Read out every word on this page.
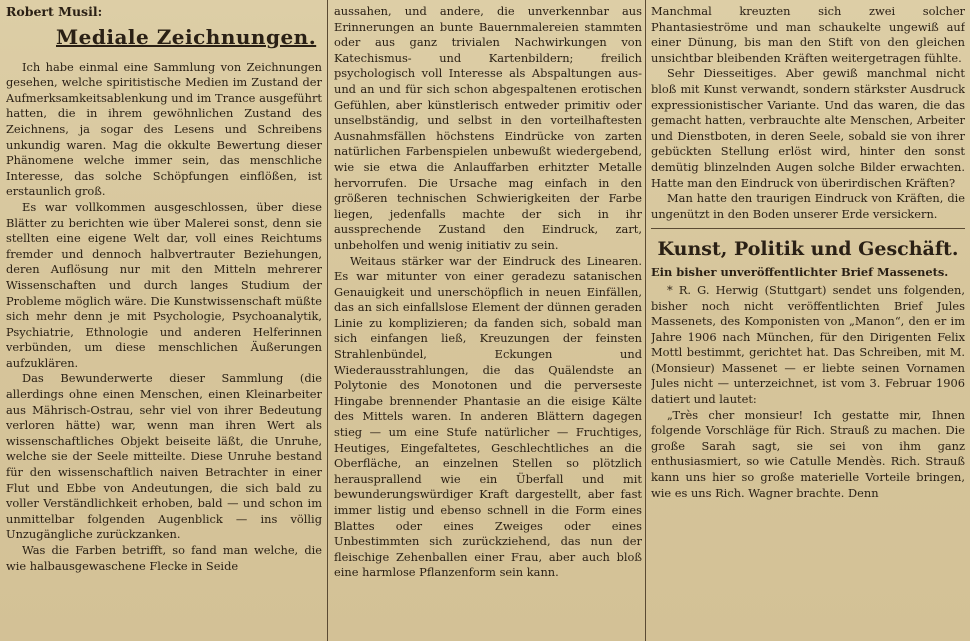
Robert Musil:

Mediale Zeichnungen.

Ich habe einmal eine Sammlung von Zeichnungen gesehen, welche spiritistische Medien im Zustand der Aufmerksamkeitsablenkung und im Trance ausgeführt hatten, die in ihrem gewöhnlichen Zustand des Zeichnens, ja sogar des Lesens und Schreibens unkundig waren. Mag die okkulte Bewertung dieser Phänomene welche immer sein, das menschliche Interesse, das solche Schöpfungen einflößen, ist erstaunlich groß.

Es war vollkommen ausgeschlossen, über diese Blätter zu berichten wie über Malerei sonst, denn sie stellten eine eigene Welt dar, voll eines Reichtums fremder und dennoch halbvertrauter Beziehungen, deren Auflösung nur mit den Mitteln mehrerer Wissenschaften und durch langes Studium der Probleme möglich wäre. Die Kunstwissenschaft müßte sich mehr denn je mit Psychologie, Psychoanalytik, Psychiatrie, Ethnologie und anderen Helferinnen verbünden, um diese menschlichen Äußerungen aufzuklären.

Das Bewunderwerte dieser Sammlung (die allerdings ohne einen Menschen, einen Kleinarbeiter aus Mährisch-Ostrau, sehr viel von ihrer Bedeutung verloren hätte) war, wenn man ihren Wert als wissenschaftliches Objekt beiseite läßt, die Unruhe, welche sie der Seele mitteilte. Diese Unruhe bestand für den wissenschaftlich naiven Betrachter in einer Flut und Ebbe von Andeutungen, die sich bald zu voller Verständlichkeit erhoben, bald — und schon im unmittelbar folgenden Augenblick — ins völlig Unzugängliche zurückzanken.

Was die Farben betrifft, so fand man welche, die wie halbausgewaschene Flecke in Seide

aussahen, und andere, die unverkennbar aus Erinnerungen an bunte Bauernmalereien stammten oder aus ganz trivialen Nachwirkungen von Katechismus- und Kartenbildern; freilich psychologisch voll Interesse als Abspaltungen aus- und an und für sich schon abgespaltenen erotischen Gefühlen, aber künstlerisch entweder primitiv oder unselbständig, und selbst in den vorteilhaftesten Ausnahmsfällen höchstens Eindrücke von zarten natürlichen Farbenspielen unbewußt wiedergebend, wie sie etwa die Anlauffarben erhitzter Metalle hervorrufen. Die Ursache mag einfach in den größeren technischen Schwierigkeiten der Farbe liegen, jedenfalls machte der sich in ihr aussprechende Zustand den Eindruck, zart, unbeholfen und wenig initiativ zu sein.

Weitaus stärker war der Eindruck des Linearen. Es war mitunter von einer geradezu satanischen Genauigkeit und unerschöpflich in neuen Einfällen, das an sich einfallslose Element der dünnen geraden Linie zu komplizieren; da fanden sich, sobald man sich einfangen ließ, Kreuzungen der feinsten Strahlenbündel, Eckungen und Wiederausstrahlungen, die das Quälendste an Polytonie des Monotonen und die perverseste Hingabe brennender Phantasie an die eisige Kälte des Mittels waren. In anderen Blättern dagegen stieg — um eine Stufe natürlicher — Fruchtiges, Heutiges, Eingefaltetes, Geschlechtliches an die Oberfläche, an einzelnen Stellen so plötzlich herausprallend wie ein Überfall und mit bewunderungswürdiger Kraft dargestellt, aber fast immer listig und ebenso schnell in die Form eines Blattes oder eines Zweiges oder eines Unbestimmten sich zurückziehend, das nun der fleischige Zehenballen einer Frau, aber auch bloß eine harmlose Pflanzenform sein kann.

Manchmal kreuzten sich zwei solcher Phantasieströme und man schaukelte ungewiß auf einer Dünung, bis man den Stift von den gleichen unsichtbar bleibenden Kräften weitergetragen fühlte.

Sehr Diesseitiges. Aber gewiß manchmal nicht bloß mit Kunst verwandt, sondern stärkster Ausdruck expressionistischer Variante. Und das waren, die das gemacht hatten, verbrauchte alte Menschen, Arbeiter und Dienstboten, in deren Seele, sobald sie von ihrer gebückten Stellung erlöst wird, hinter den sonst demütig blinzelnden Augen solche Bilder erwachten. Hatte man den Eindruck von überirdischen Kräften?

Man hatte den traurigen Eindruck von Kräften, die ungenützt in den Boden unserer Erde versickern.

Kunst, Politik und Geschäft.

Ein bisher unveröffentlichter Brief Massenets.

* R. G. Herwig (Stuttgart) sendet uns folgenden, bisher noch nicht veröffentlichten Brief Jules Massenets, des Komponisten von „Manon“, den er im Jahre 1906 nach München, für den Dirigenten Felix Mottl bestimmt, gerichtet hat. Das Schreiben, mit M. (Monsieur) Massenet — er liebte seinen Vornamen Jules nicht — unterzeichnet, ist vom 3. Februar 1906 datiert und lautet:

„Très cher monsieur! Ich gestatte mir, Ihnen folgende Vorschläge für Rich. Strauß zu machen. Die große Sarah sagt, sie sei von ihm ganz enthusiasmiert, so wie Catulle Mendès. Rich. Strauß kann uns hier so große materielle Vorteile bringen, wie es uns Rich. Wagner brachte. Denn
